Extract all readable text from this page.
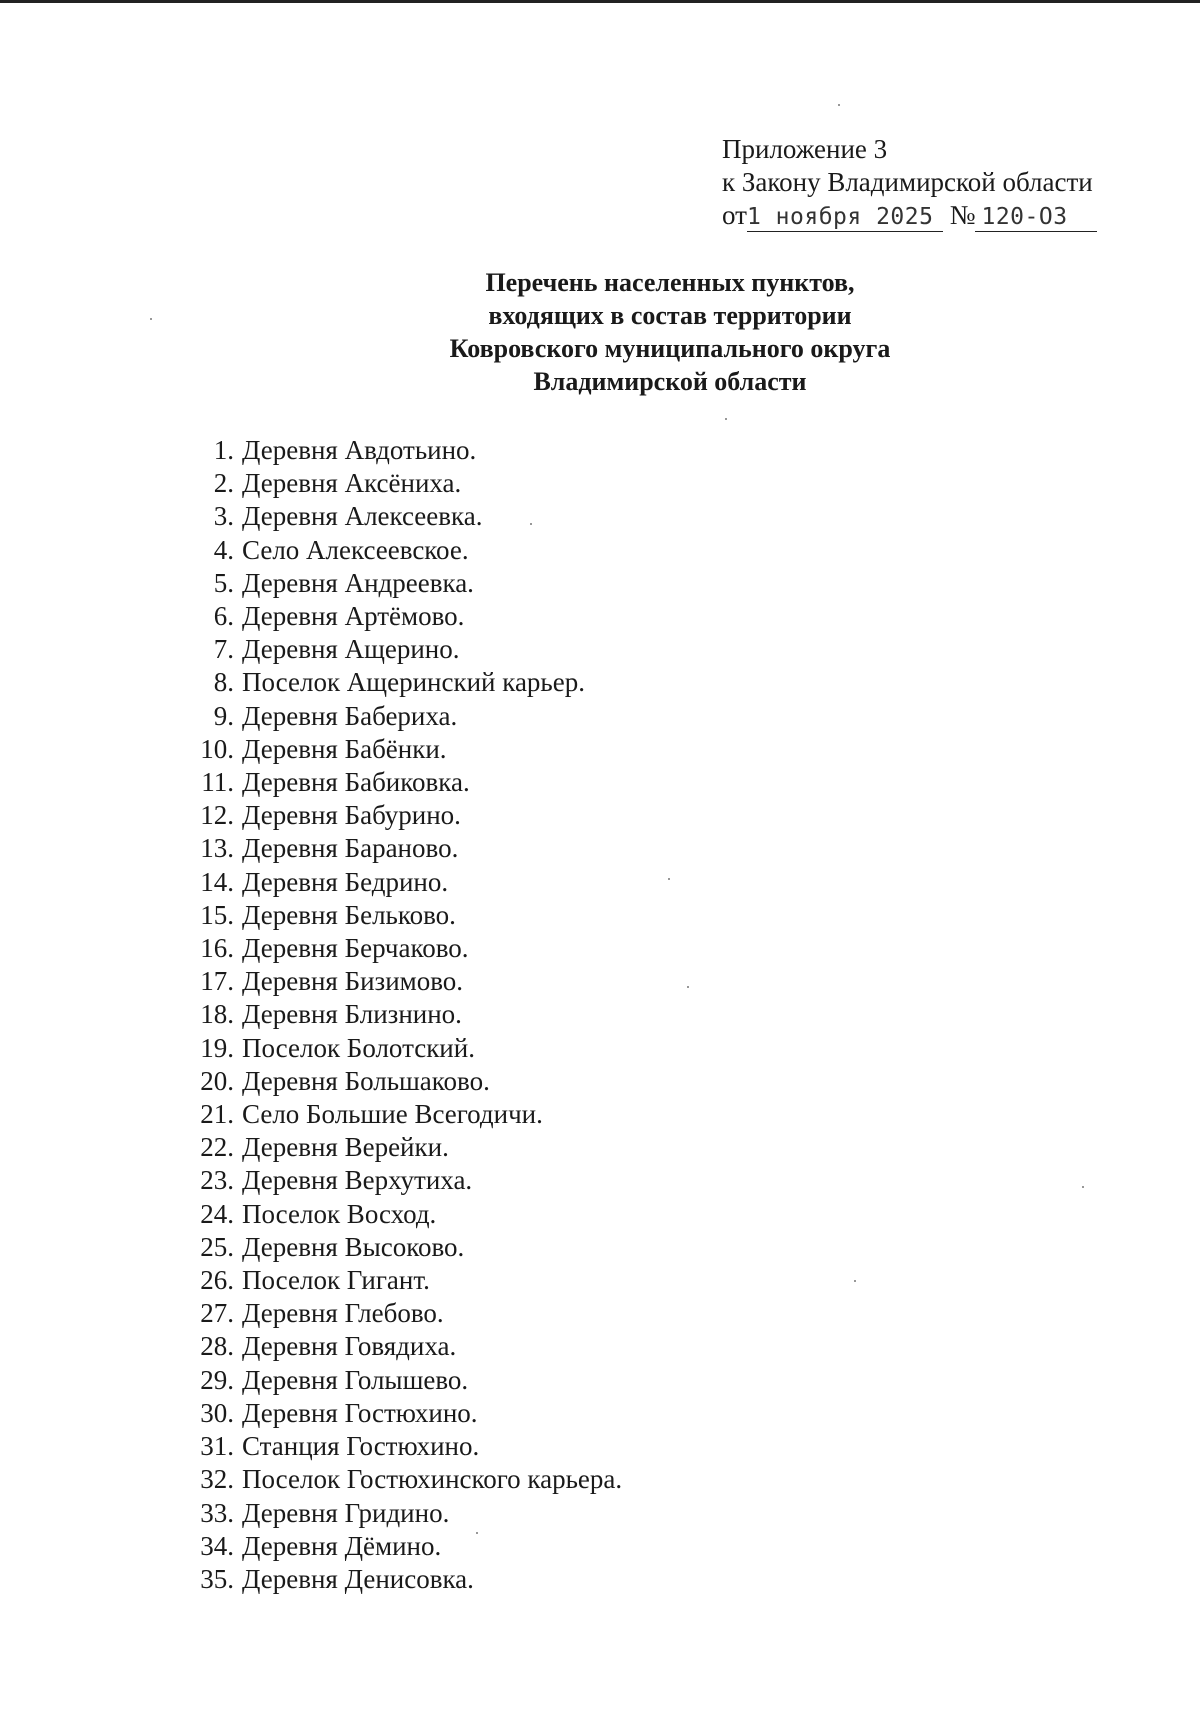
Приложение 3
к Закону Владимирской области
от1 ноября 2025 № 120-ОЗ
Перечень населенных пунктов,
входящих в состав территории
Ковровского муниципального округа
Владимирской области
1. Деревня Авдотьино.
2. Деревня Аксёниха.
3. Деревня Алексеевка.
4. Село Алексеевское.
5. Деревня Андреевка.
6. Деревня Артёмово.
7. Деревня Ащерино.
8. Поселок Ащеринский карьер.
9. Деревня Бабериха.
10. Деревня Бабёнки.
11. Деревня Бабиковка.
12. Деревня Бабурино.
13. Деревня Бараново.
14. Деревня Бедрино.
15. Деревня Бельково.
16. Деревня Берчаково.
17. Деревня Бизимово.
18. Деревня Близнино.
19. Поселок Болотский.
20. Деревня Большаково.
21. Село Большие Всегодичи.
22. Деревня Верейки.
23. Деревня Верхутиха.
24. Поселок Восход.
25. Деревня Высоково.
26. Поселок Гигант.
27. Деревня Глебово.
28. Деревня Говядиха.
29. Деревня Голышево.
30. Деревня Гостюхино.
31. Станция Гостюхино.
32. Поселок Гостюхинского карьера.
33. Деревня Гридино.
34. Деревня Дёмино.
35. Деревня Денисовка.
